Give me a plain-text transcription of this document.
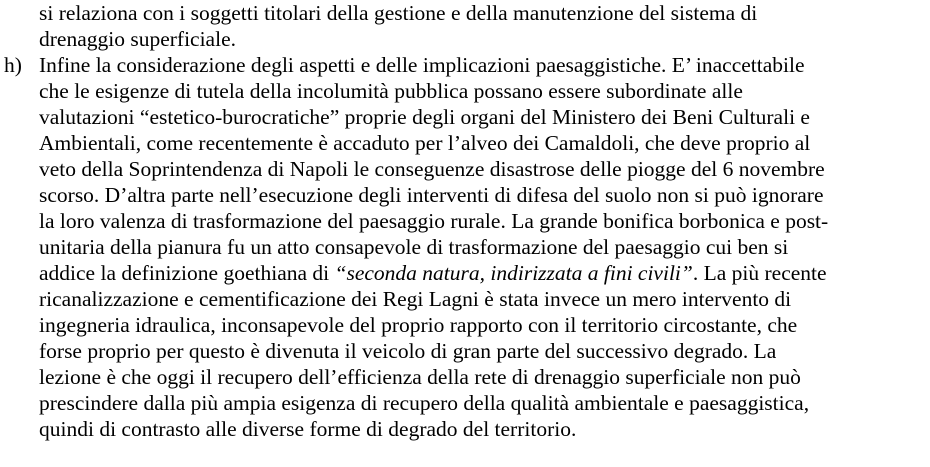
si relaziona con i soggetti titolari della gestione e della manutenzione del sistema di
drenaggio superficiale.
h) Infine la considerazione degli aspetti e delle implicazioni paesaggistiche. E’ inaccettabile
che le esigenze di tutela della incolumità pubblica possano essere subordinate alle
valutazioni “estetico-burocratiche” proprie degli organi del Ministero dei Beni Culturali e
Ambientali, come recentemente è accaduto per l’alveo dei Camaldoli, che deve proprio al
veto della Soprintendenza di Napoli le conseguenze disastrose delle piogge del 6 novembre
scorso. D’altra parte nell’esecuzione degli interventi di difesa del suolo non si può ignorare
la loro valenza di trasformazione del paesaggio rurale. La grande bonifica borbonica e post-
unitaria della pianura fu un atto consapevole di trasformazione del paesaggio cui ben si
addice la definizione goethiana di “seconda natura, indirizzata a fini civili”. La più recente
ricanalizzazione e cementificazione dei Regi Lagni è stata invece un mero intervento di
ingegneria idraulica, inconsapevole del proprio rapporto con il territorio circostante, che
forse proprio per questo è divenuta il veicolo di gran parte del successivo degrado. La
lezione è che oggi il recupero dell’efficienza della rete di drenaggio superficiale non può
prescindere dalla più ampia esigenza di recupero della qualità ambientale e paesaggistica,
quindi di contrasto alle diverse forme di degrado del territorio.
